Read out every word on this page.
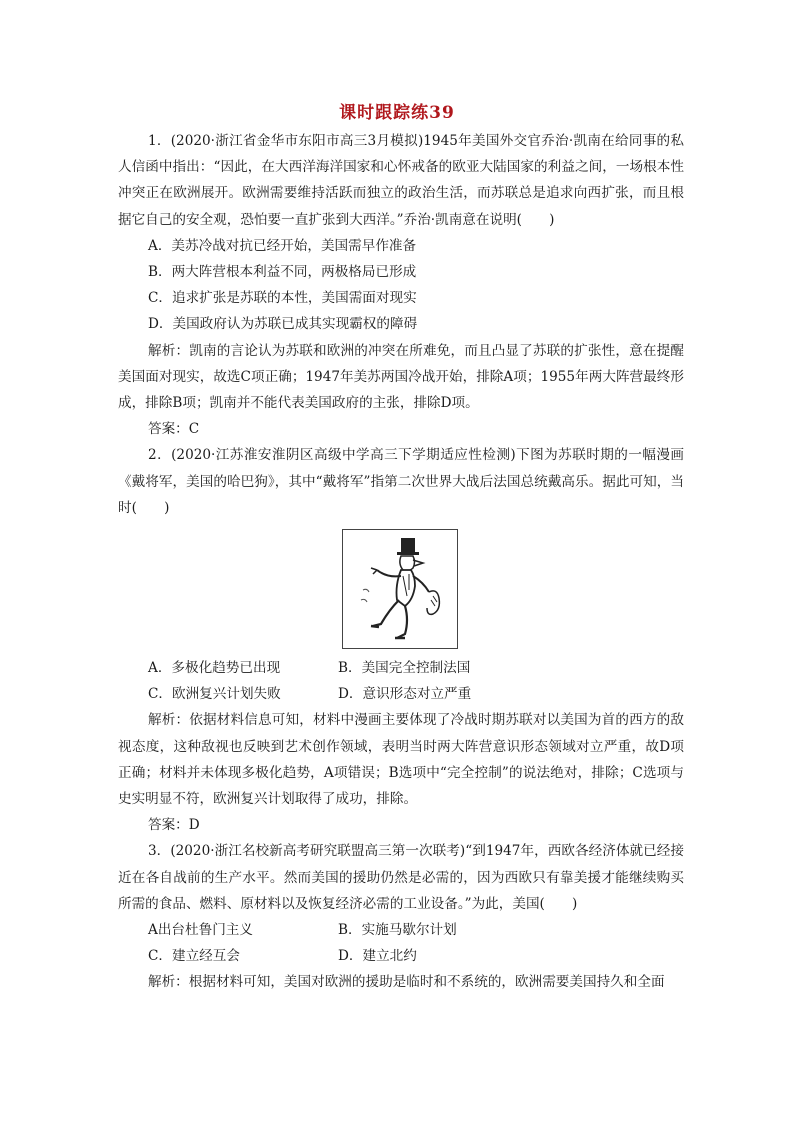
课时跟踪练39

1．(2020·浙江省金华市东阳市高三3月模拟)1945年美国外交官乔治·凯南在给同事的私人信函中指出：“因此，在大西洋海洋国家和心怀戒备的欧亚大陆国家的利益之间，一场根本性冲突正在欧洲展开。欧洲需要维持活跃而独立的政治生活，而苏联总是追求向西扩张，而且根据它自己的安全观，恐怕要一直扩张到大西洋。”乔治·凯南意在说明(　　)

A．美苏冷战对抗已经开始，美国需早作准备

B．两大阵营根本利益不同，两极格局已形成

C．追求扩张是苏联的本性，美国需面对现实

D．美国政府认为苏联已成其实现霸权的障碍

解析：凯南的言论认为苏联和欧洲的冲突在所难免，而且凸显了苏联的扩张性，意在提醒美国面对现实，故选C项正确；1947年美苏两国冷战开始，排除A项；1955年两大阵营最终形成，排除B项；凯南并不能代表美国政府的主张，排除D项。

答案：C

2．(2020·江苏淮安淮阴区高级中学高三下学期适应性检测)下图为苏联时期的一幅漫画《戴将军，美国的哈巴狗》，其中“戴将军”指第二次世界大战后法国总统戴高乐。据此可知，当时(　　)

A．多极化趋势已出现	B．美国完全控制法国
C．欧洲复兴计划失败	D．意识形态对立严重

解析：依据材料信息可知，材料中漫画主要体现了冷战时期苏联对以美国为首的西方的敌视态度，这种敌视也反映到艺术创作领域，表明当时两大阵营意识形态领域对立严重，故D项正确；材料并未体现多极化趋势，A项错误；B选项中“完全控制”的说法绝对，排除；C选项与史实明显不符，欧洲复兴计划取得了成功，排除。

答案：D

3．(2020·浙江名校新高考研究联盟高三第一次联考)“到1947年，西欧各经济体就已经接近在各自战前的生产水平。然而美国的援助仍然是必需的，因为西欧只有靠美援才能继续购买所需的食品、燃料、原材料以及恢复经济必需的工业设备。”为此，美国(　　)

A出台杜鲁门主义	B．实施马歇尔计划
C．建立经互会	D．建立北约

解析：根据材料可知，美国对欧洲的援助是临时和不系统的，欧洲需要美国持久和全面
